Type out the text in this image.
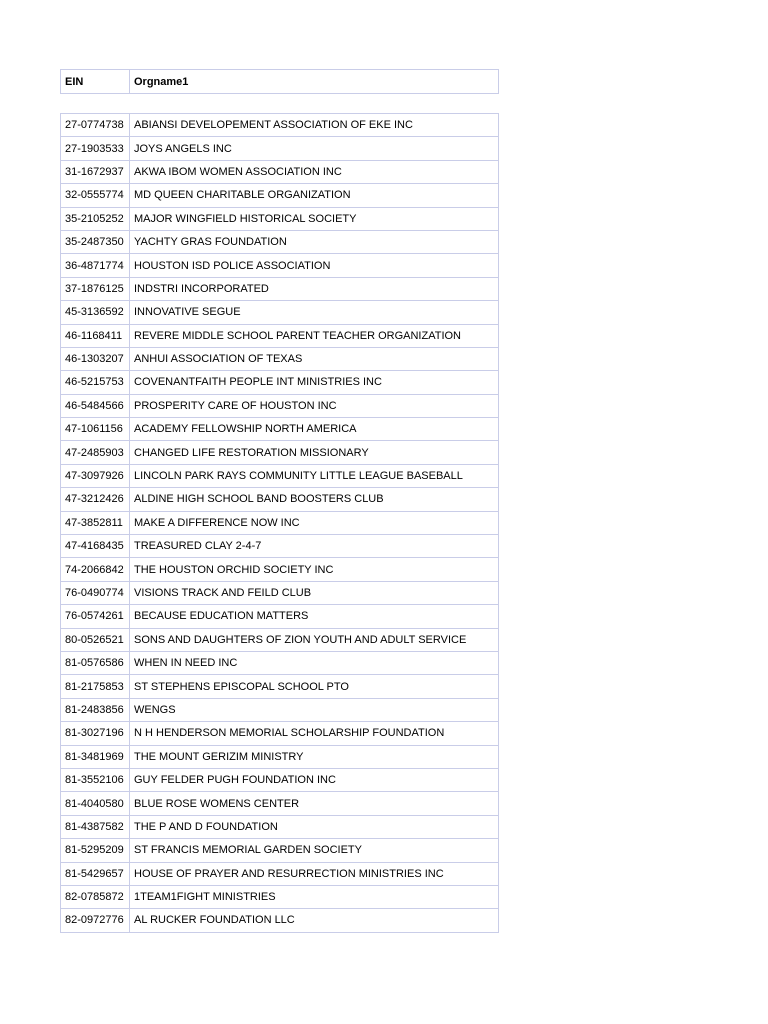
EIN	Orgname1

27-0774738	ABIANSI DEVELOPEMENT ASSOCIATION OF EKE INC
27-1903533	JOYS ANGELS INC
31-1672937	AKWA IBOM WOMEN ASSOCIATION INC
32-0555774	MD QUEEN CHARITABLE ORGANIZATION
35-2105252	MAJOR WINGFIELD HISTORICAL SOCIETY
35-2487350	YACHTY GRAS FOUNDATION
36-4871774	HOUSTON ISD POLICE ASSOCIATION
37-1876125	INDSTRI INCORPORATED
45-3136592	INNOVATIVE SEGUE
46-1168411	REVERE MIDDLE SCHOOL PARENT TEACHER ORGANIZATION
46-1303207	ANHUI ASSOCIATION OF TEXAS
46-5215753	COVENANTFAITH PEOPLE INT MINISTRIES INC
46-5484566	PROSPERITY CARE OF HOUSTON INC
47-1061156	ACADEMY FELLOWSHIP NORTH AMERICA
47-2485903	CHANGED LIFE RESTORATION MISSIONARY
47-3097926	LINCOLN PARK RAYS COMMUNITY LITTLE LEAGUE BASEBALL
47-3212426	ALDINE HIGH SCHOOL BAND BOOSTERS CLUB
47-3852811	MAKE A DIFFERENCE NOW INC
47-4168435	TREASURED CLAY 2-4-7
74-2066842	THE HOUSTON ORCHID SOCIETY INC
76-0490774	VISIONS TRACK AND FEILD CLUB
76-0574261	BECAUSE EDUCATION MATTERS
80-0526521	SONS AND DAUGHTERS OF ZION YOUTH AND ADULT SERVICE
81-0576586	WHEN IN NEED INC
81-2175853	ST STEPHENS EPISCOPAL SCHOOL PTO
81-2483856	WENGS
81-3027196	N H HENDERSON MEMORIAL SCHOLARSHIP FOUNDATION
81-3481969	THE MOUNT GERIZIM MINISTRY
81-3552106	GUY FELDER PUGH FOUNDATION INC
81-4040580	BLUE ROSE WOMENS CENTER
81-4387582	THE P AND D FOUNDATION
81-5295209	ST FRANCIS MEMORIAL GARDEN SOCIETY
81-5429657	HOUSE OF PRAYER AND RESURRECTION MINISTRIES INC
82-0785872	1TEAM1FIGHT MINISTRIES
82-0972776	AL RUCKER FOUNDATION LLC
